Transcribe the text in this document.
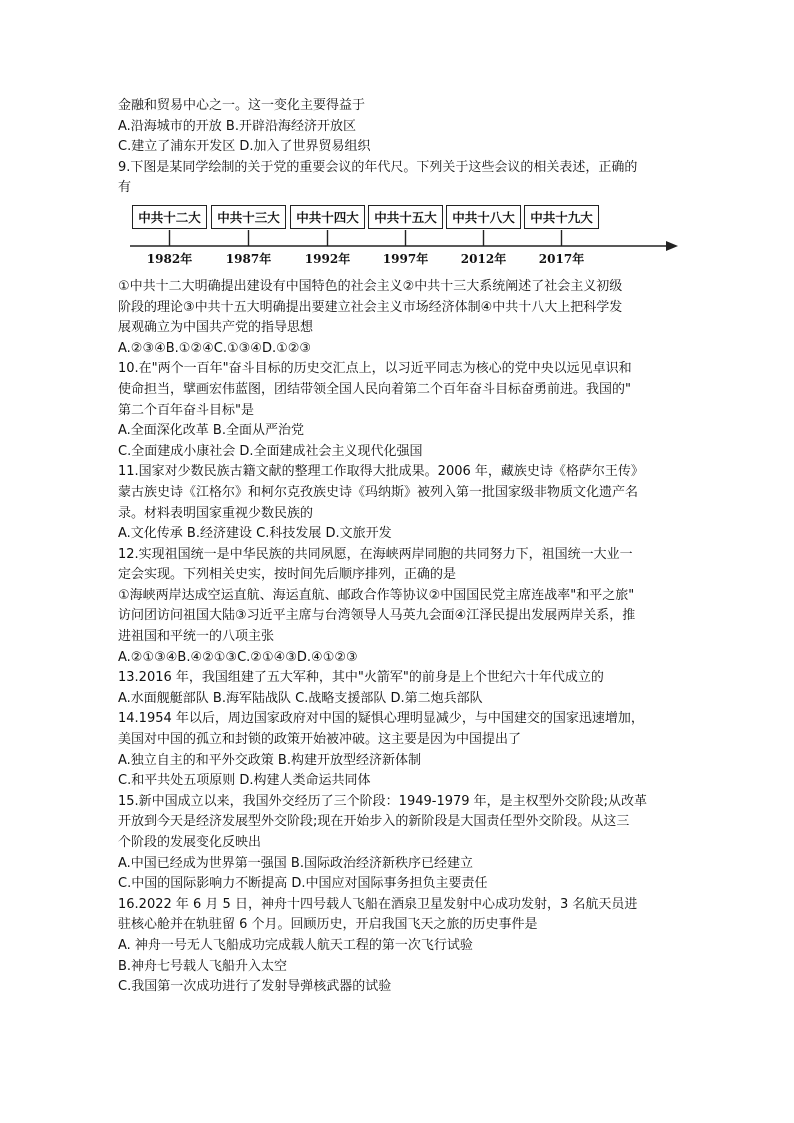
金融和贸易中心之一。这一变化主要得益于
A.沿海城市的开放 B.开辟沿海经济开放区
C.建立了浦东开发区 D.加入了世界贸易组织
9.下图是某同学绘制的关于党的重要会议的年代尺。下列关于这些会议的相关表述，正确的
有
中共十二大
1982年
中共十三大
1987年
中共十四大
1992年
中共十五大
1997年
中共十八大
2012年
中共十九大
2017年
①中共十二大明确提出建设有中国特色的社会主义②中共十三大系统阐述了社会主义初级
阶段的理论③中共十五大明确提出要建立社会主义市场经济体制④中共十八大上把科学发
展观确立为中国共产党的指导思想
A.②③④B.①②④C.①③④D.①②③
10.在"两个一百年"奋斗目标的历史交汇点上，以习近平同志为核心的党中央以远见卓识和
使命担当，擘画宏伟蓝图，团结带领全国人民向着第二个百年奋斗目标奋勇前进。我国的"
第二个百年奋斗目标"是
A.全面深化改革 B.全面从严治党
C.全面建成小康社会 D.全面建成社会主义现代化强国
11.国家对少数民族古籍文献的整理工作取得大批成果。2006 年，藏族史诗《格萨尔王传》
蒙古族史诗《江格尔》和柯尔克孜族史诗《玛纳斯》被列入第一批国家级非物质文化遗产名
录。材料表明国家重视少数民族的
A.文化传承 B.经济建设 C.科技发展 D.文旅开发
12.实现祖国统一是中华民族的共同夙愿，在海峡两岸同胞的共同努力下，祖国统一大业一
定会实现。下列相关史实，按时间先后顺序排列，正确的是
①海峡两岸达成空运直航、海运直航、邮政合作等协议②中国国民党主席连战率"和平之旅"
访问团访问祖国大陆③习近平主席与台湾领导人马英九会面④江泽民提出发展两岸关系，推
进祖国和平统一的八项主张
A.②①③④B.④②①③C.②①④③D.④①②③
13.2016 年，我国组建了五大军种，其中"火箭军"的前身是上个世纪六十年代成立的
A.水面舰艇部队 B.海军陆战队 C.战略支援部队 D.第二炮兵部队
14.1954 年以后，周边国家政府对中国的疑惧心理明显减少，与中国建交的国家迅速增加，
美国对中国的孤立和封锁的政策开始被冲破。这主要是因为中国提出了
A.独立自主的和平外交政策 B.构建开放型经济新体制
C.和平共处五项原则 D.构建人类命运共同体
15.新中国成立以来，我国外交经历了三个阶段：1949-1979 年，是主权型外交阶段;从改革
开放到今天是经济发展型外交阶段;现在开始步入的新阶段是大国责任型外交阶段。从这三
个阶段的发展变化反映出
A.中国已经成为世界第一强国 B.国际政治经济新秩序已经建立
C.中国的国际影响力不断提高 D.中国应对国际事务担负主要责任
16.2022 年 6 月 5 日，神舟十四号载人飞船在酒泉卫星发射中心成功发射，3 名航天员进
驻核心舱并在轨驻留 6 个月。回顾历史，开启我国飞天之旅的历史事件是
A. 神舟一号无人飞船成功完成载人航天工程的第一次飞行试验
B.神舟七号载人飞船升入太空
C.我国第一次成功进行了发射导弹核武器的试验
